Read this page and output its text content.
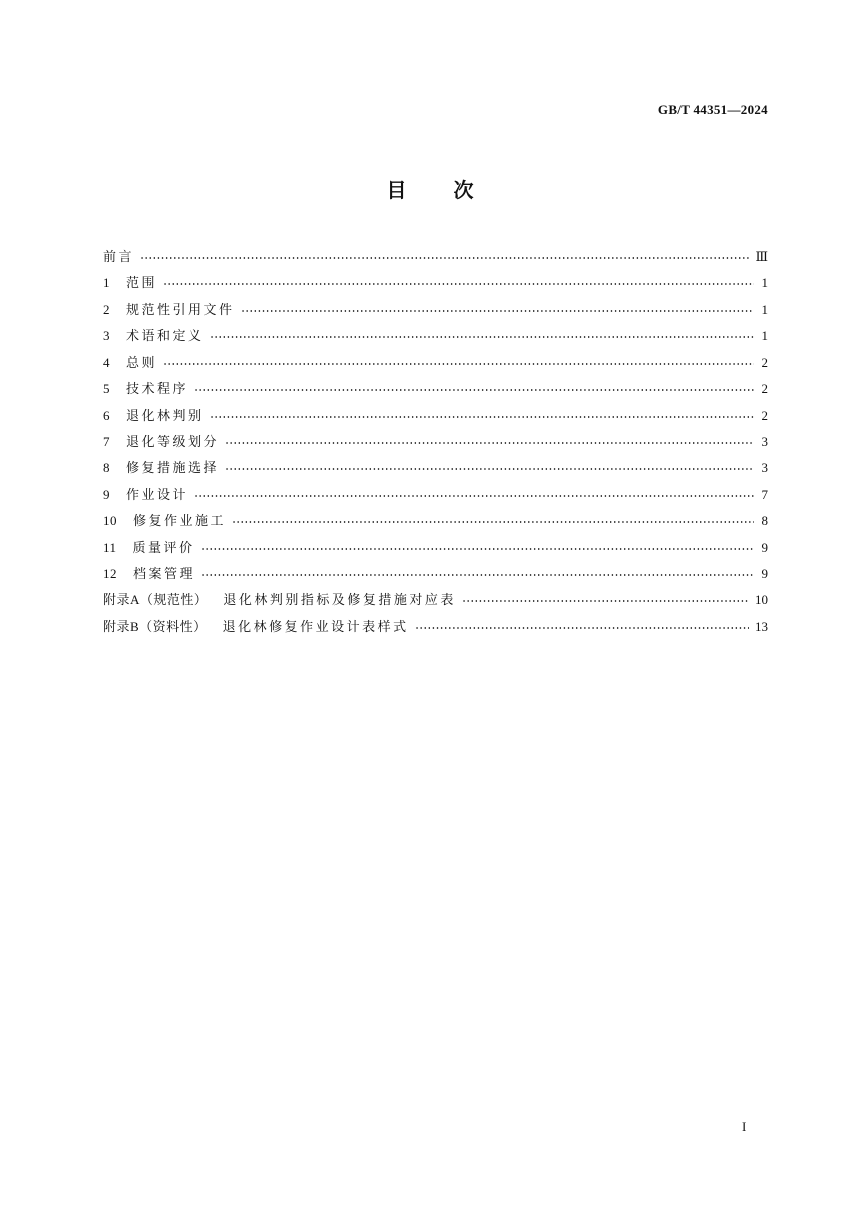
GB/T 44351—2024
目次
前言	Ⅲ
1 范围	1
2 规范性引用文件	1
3 术语和定义	1
4 总则	2
5 技术程序	2
6 退化林判别	2
7 退化等级划分	3
8 修复措施选择	3
9 作业设计	7
10 修复作业施工	8
11 质量评价	9
12 档案管理	9
附录A（规范性） 退化林判别指标及修复措施对应表	10
附录B（资料性） 退化林修复作业设计表样式	13
I
